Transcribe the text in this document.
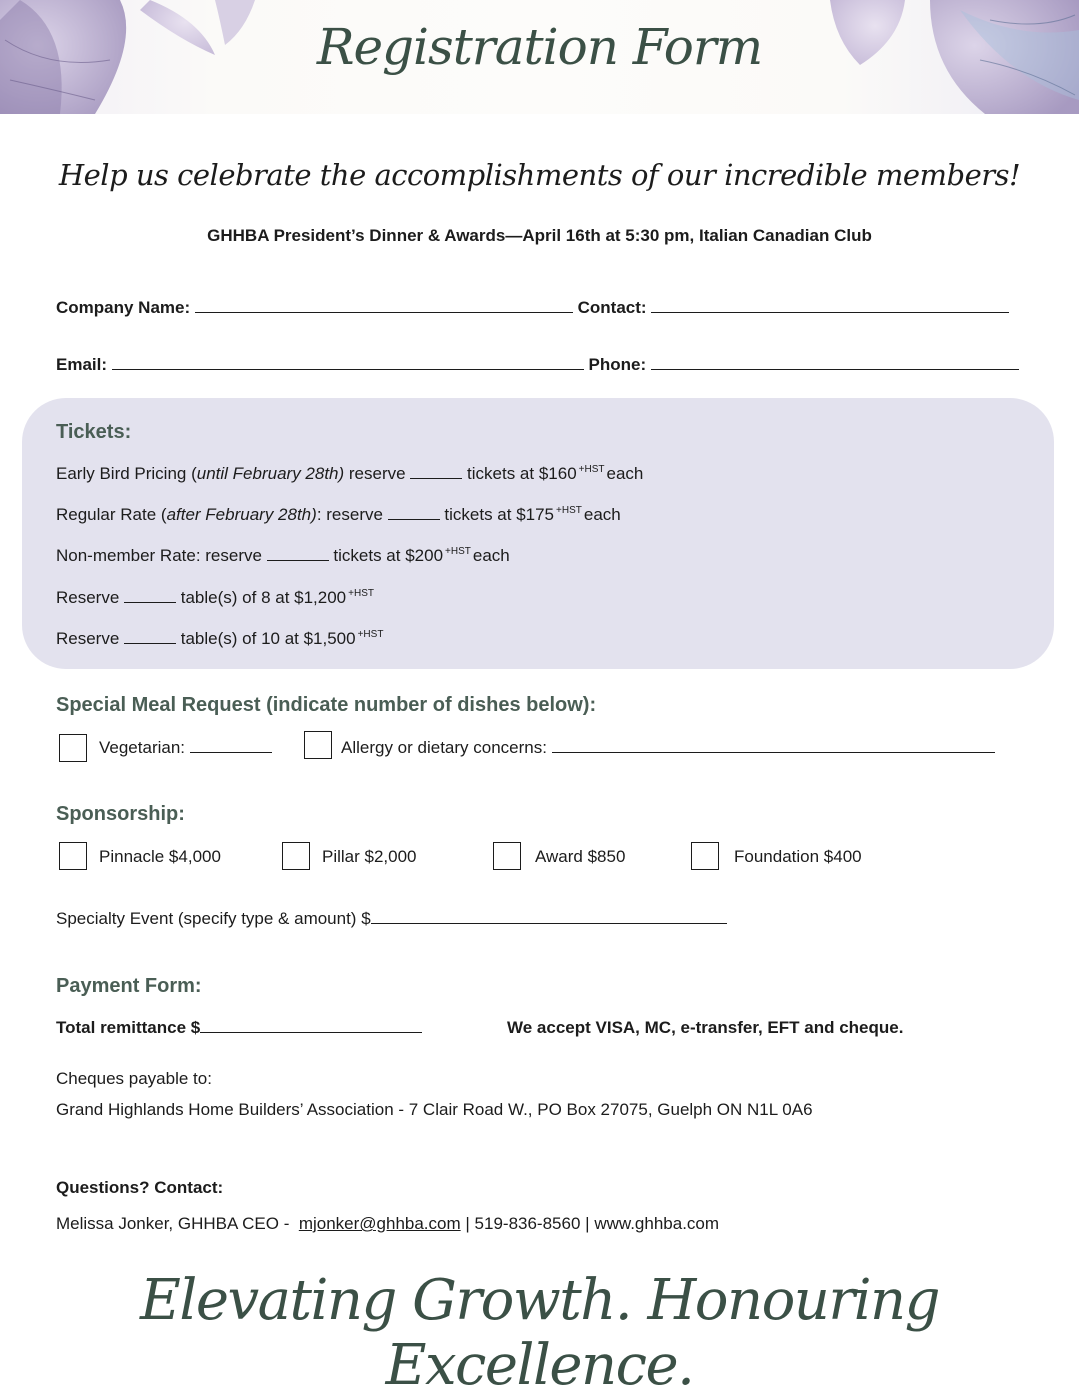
Registration Form
Help us celebrate the accomplishments of our incredible members!
GHHBA President’s Dinner & Awards—April 16th at 5:30 pm, Italian Canadian Club
Company Name:	Contact:
Email:	Phone:
Tickets:
Early Bird Pricing (until February 28th) reserve	tickets at $160 $^{+HST}$ each
Regular Rate (after February 28th): reserve	tickets at $175 $^{+HST}$ each
Non-member Rate: reserve	tickets at $200 $^{+HST}$ each
Reserve	table(s) of 8 at $1,200 $^{+HST}$
Reserve	table(s) of 10 at $1,500 $^{+HST}$
Special Meal Request (indicate number of dishes below):
Vegetarian:	Allergy or dietary concerns:
Sponsorship:
Pinnacle $4,000	Pillar $2,000	Award $850	Foundation $400
Specialty Event (specify type & amount) $
Payment Form:
Total remittance $	We accept VISA, MC, e-transfer, EFT and cheque.
Cheques payable to:
Grand Highlands Home Builders’ Association - 7 Clair Road W., PO Box 27075, Guelph ON N1L 0A6
Questions? Contact:
Melissa Jonker, GHHBA CEO -  mjonker@ghhba.com | 519-836-8560 | www.ghhba.com
Elevating Growth. Honouring Excellence.
